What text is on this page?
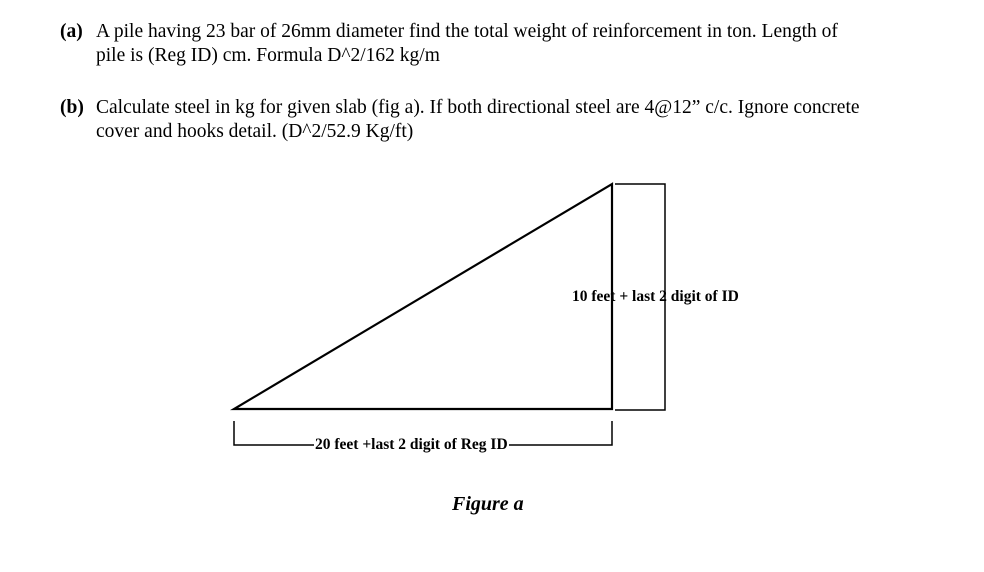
(a) A pile having 23 bar of 26mm diameter find the total weight of reinforcement in ton. Length of
pile is (Reg ID) cm. Formula D^2/162 kg/m
(b) Calculate steel in kg for given slab (fig a). If both directional steel are 4@12” c/c. Ignore concrete
cover and hooks detail. (D^2/52.9 Kg/ft)
20 feet +last 2 digit of Reg ID
10 feet + last 2 digit of ID
Figure a
